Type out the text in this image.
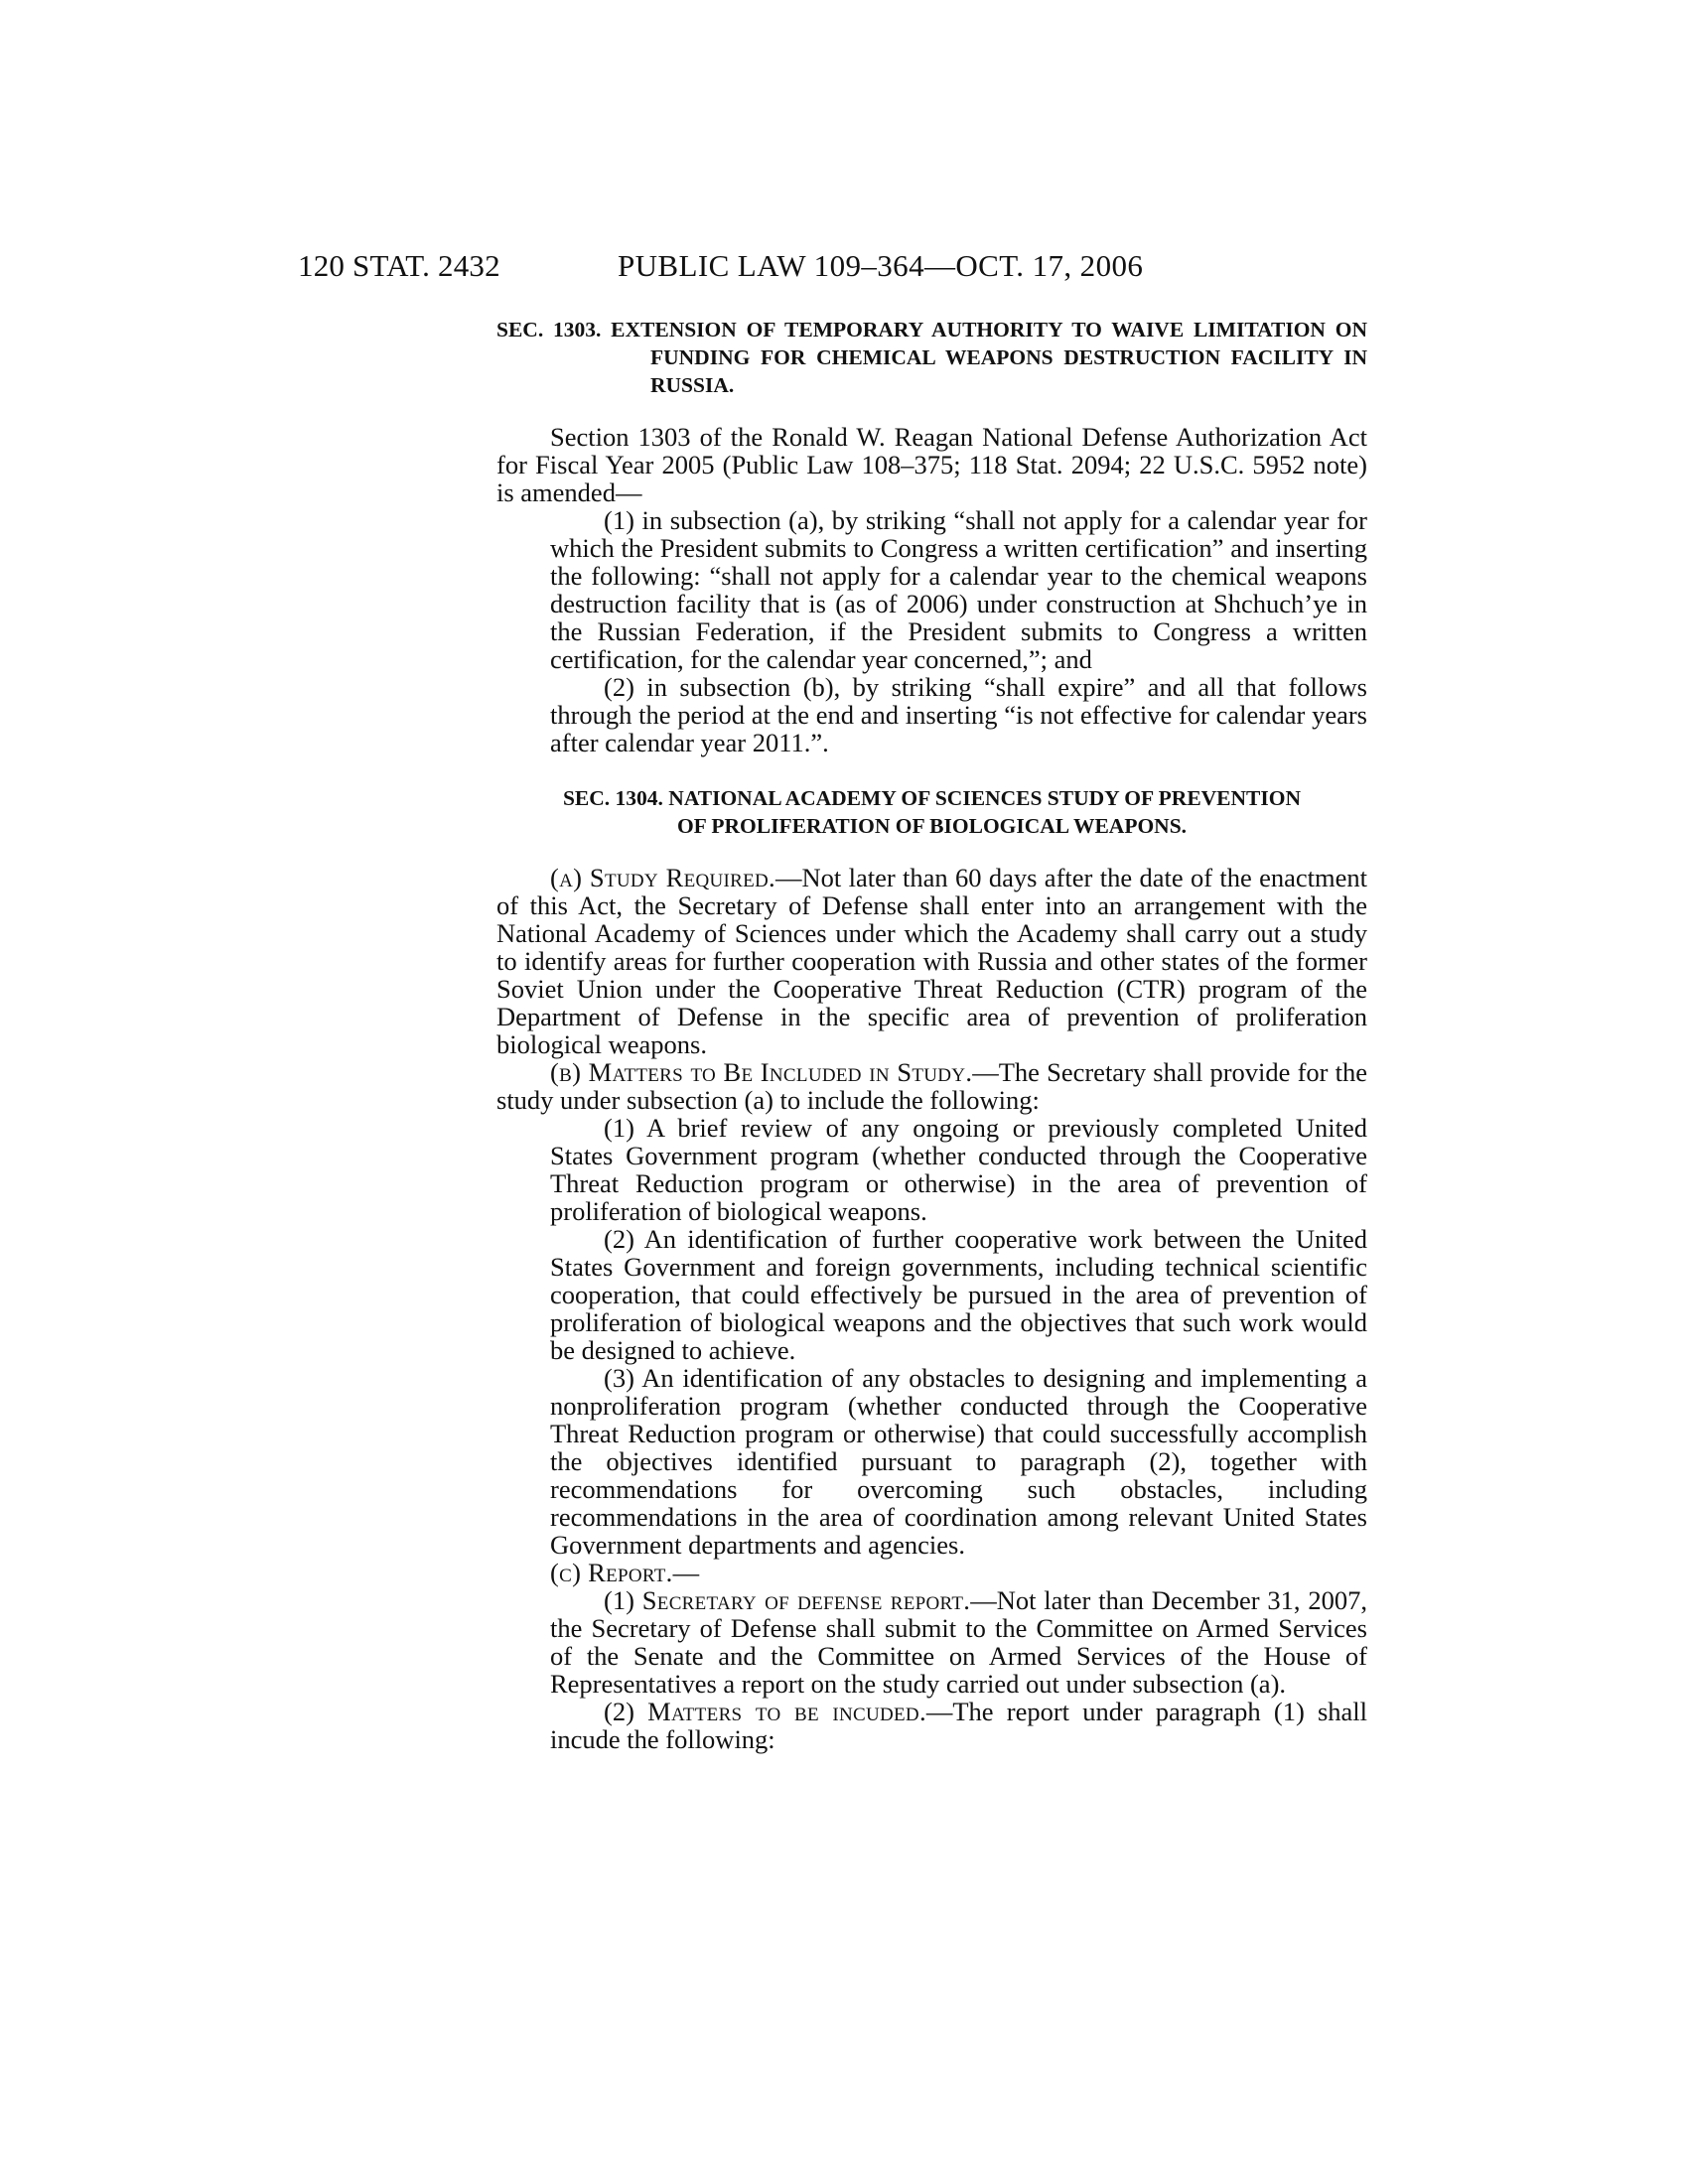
120 STAT. 2432	PUBLIC LAW 109–364—OCT. 17, 2006

SEC. 1303. EXTENSION OF TEMPORARY AUTHORITY TO WAIVE LIMITATION ON FUNDING FOR CHEMICAL WEAPONS DESTRUCTION FACILITY IN RUSSIA.

Section 1303 of the Ronald W. Reagan National Defense Authorization Act for Fiscal Year 2005 (Public Law 108–375; 118 Stat. 2094; 22 U.S.C. 5952 note) is amended—

(1) in subsection (a), by striking “shall not apply for a calendar year for which the President submits to Congress a written certification” and inserting the following: “shall not apply for a calendar year to the chemical weapons destruction facility that is (as of 2006) under construction at Shchuch’ye in the Russian Federation, if the President submits to Congress a written certification, for the calendar year concerned,”; and

(2) in subsection (b), by striking “shall expire” and all that follows through the period at the end and inserting “is not effective for calendar years after calendar year 2011.”.

SEC. 1304. NATIONAL ACADEMY OF SCIENCES STUDY OF PREVENTION
OF PROLIFERATION OF BIOLOGICAL WEAPONS.

(a) Study Required.—Not later than 60 days after the date of the enactment of this Act, the Secretary of Defense shall enter into an arrangement with the National Academy of Sciences under which the Academy shall carry out a study to identify areas for further cooperation with Russia and other states of the former Soviet Union under the Cooperative Threat Reduction (CTR) program of the Department of Defense in the specific area of prevention of proliferation biological weapons.

(b) Matters to Be Included in Study.—The Secretary shall provide for the study under subsection (a) to include the following:

(1) A brief review of any ongoing or previously completed United States Government program (whether conducted through the Cooperative Threat Reduction program or otherwise) in the area of prevention of proliferation of biological weapons.

(2) An identification of further cooperative work between the United States Government and foreign governments, including technical scientific cooperation, that could effectively be pursued in the area of prevention of proliferation of biological weapons and the objectives that such work would be designed to achieve.

(3) An identification of any obstacles to designing and implementing a nonproliferation program (whether conducted through the Cooperative Threat Reduction program or otherwise) that could successfully accomplish the objectives identified pursuant to paragraph (2), together with recommendations for overcoming such obstacles, including recommendations in the area of coordination among relevant United States Government departments and agencies.

(c) Report.—

(1) Secretary of defense report.—Not later than December 31, 2007, the Secretary of Defense shall submit to the Committee on Armed Services of the Senate and the Committee on Armed Services of the House of Representatives a report on the study carried out under subsection (a).

(2) Matters to be incuded.—The report under paragraph (1) shall incude the following:
